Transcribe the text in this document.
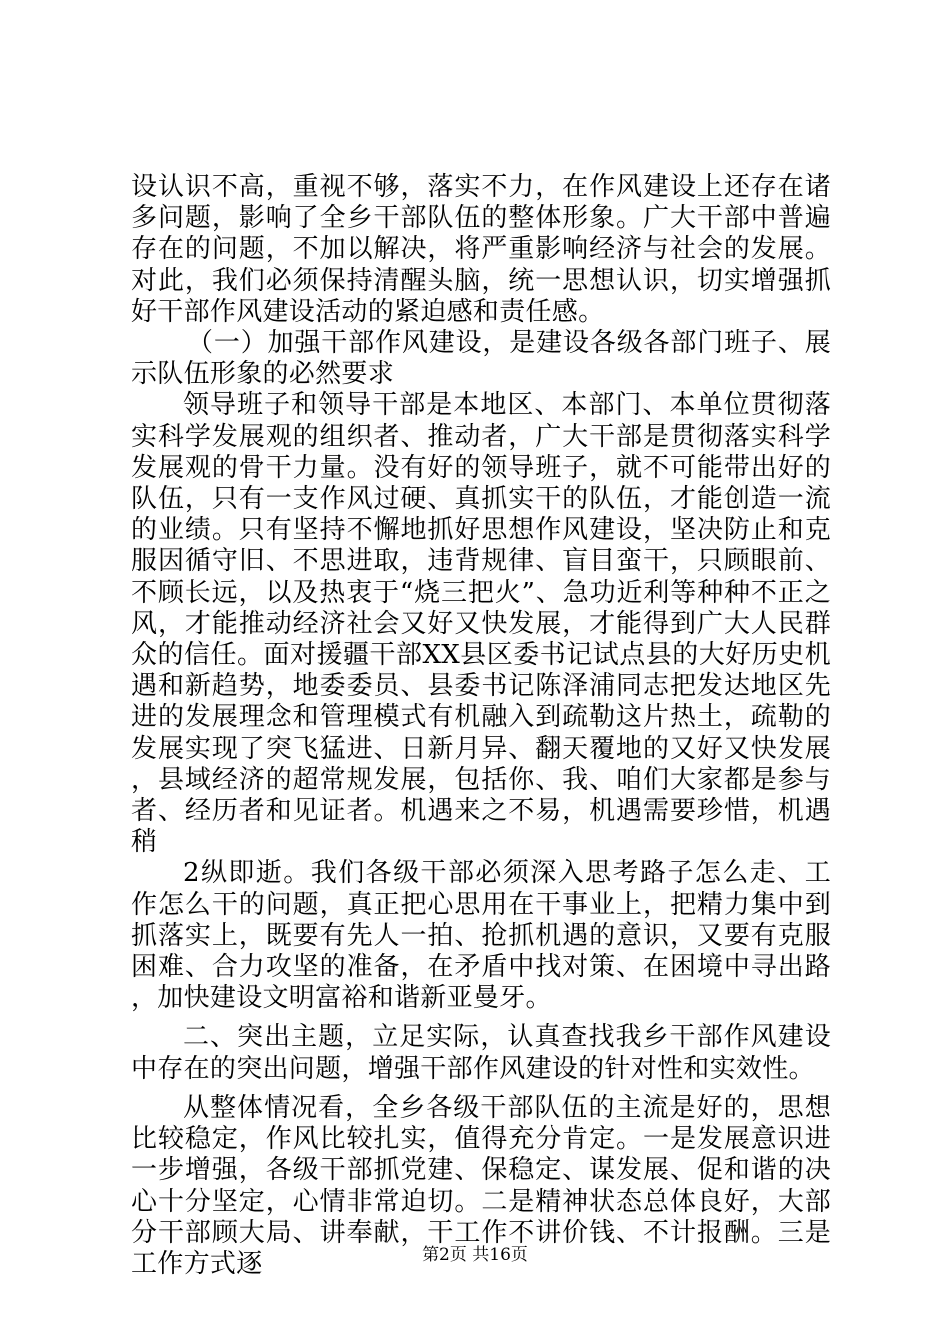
设认识不高，重视不够，落实不力，在作风建设上还存在诸多问题，影响了全乡干部队伍的整体形象。广大干部中普遍存在的问题，不加以解决，将严重影响经济与社会的发展。对此，我们必须保持清醒头脑，统一思想认识，切实增强抓好干部作风建设活动的紧迫感和责任感。

（一）加强干部作风建设，是建设各级各部门班子、展示队伍形象的必然要求

领导班子和领导干部是本地区、本部门、本单位贯彻落实科学发展观的组织者、推动者，广大干部是贯彻落实科学发展观的骨干力量。没有好的领导班子，就不可能带出好的队伍，只有一支作风过硬、真抓实干的队伍，才能创造一流的业绩。只有坚持不懈地抓好思想作风建设，坚决防止和克服因循守旧、不思进取，违背规律、盲目蛮干，只顾眼前、不顾长远，以及热衷于“烧三把火”、急功近利等种种不正之风，才能推动经济社会又好又快发展，才能得到广大人民群众的信任。面对援疆干部XX县区委书记试点县的大好历史机遇和新趋势，地委委员、县委书记陈泽浦同志把发达地区先进的发展理念和管理模式有机融入到疏勒这片热土，疏勒的发展实现了突飞猛进、日新月异、翻天覆地的又好又快发展，县域经济的超常规发展，包括你、我、咱们大家都是参与者、经历者和见证者。机遇来之不易，机遇需要珍惜，机遇稍

2纵即逝。我们各级干部必须深入思考路子怎么走、工作怎么干的问题，真正把心思用在干事业上，把精力集中到抓落实上，既要有先人一拍、抢抓机遇的意识，又要有克服困难、合力攻坚的准备，在矛盾中找对策、在困境中寻出路，加快建设文明富裕和谐新亚曼牙。

二、突出主题，立足实际，认真查找我乡干部作风建设中存在的突出问题，增强干部作风建设的针对性和实效性。

从整体情况看，全乡各级干部队伍的主流是好的，思想比较稳定，作风比较扎实，值得充分肯定。一是发展意识进一步增强，各级干部抓党建、保稳定、谋发展、促和谐的决心十分坚定，心情非常迫切。二是精神状态总体良好，大部分干部顾大局、讲奉献，干工作不讲价钱、不计报酬。三是工作方式逐	第2页 共16页
